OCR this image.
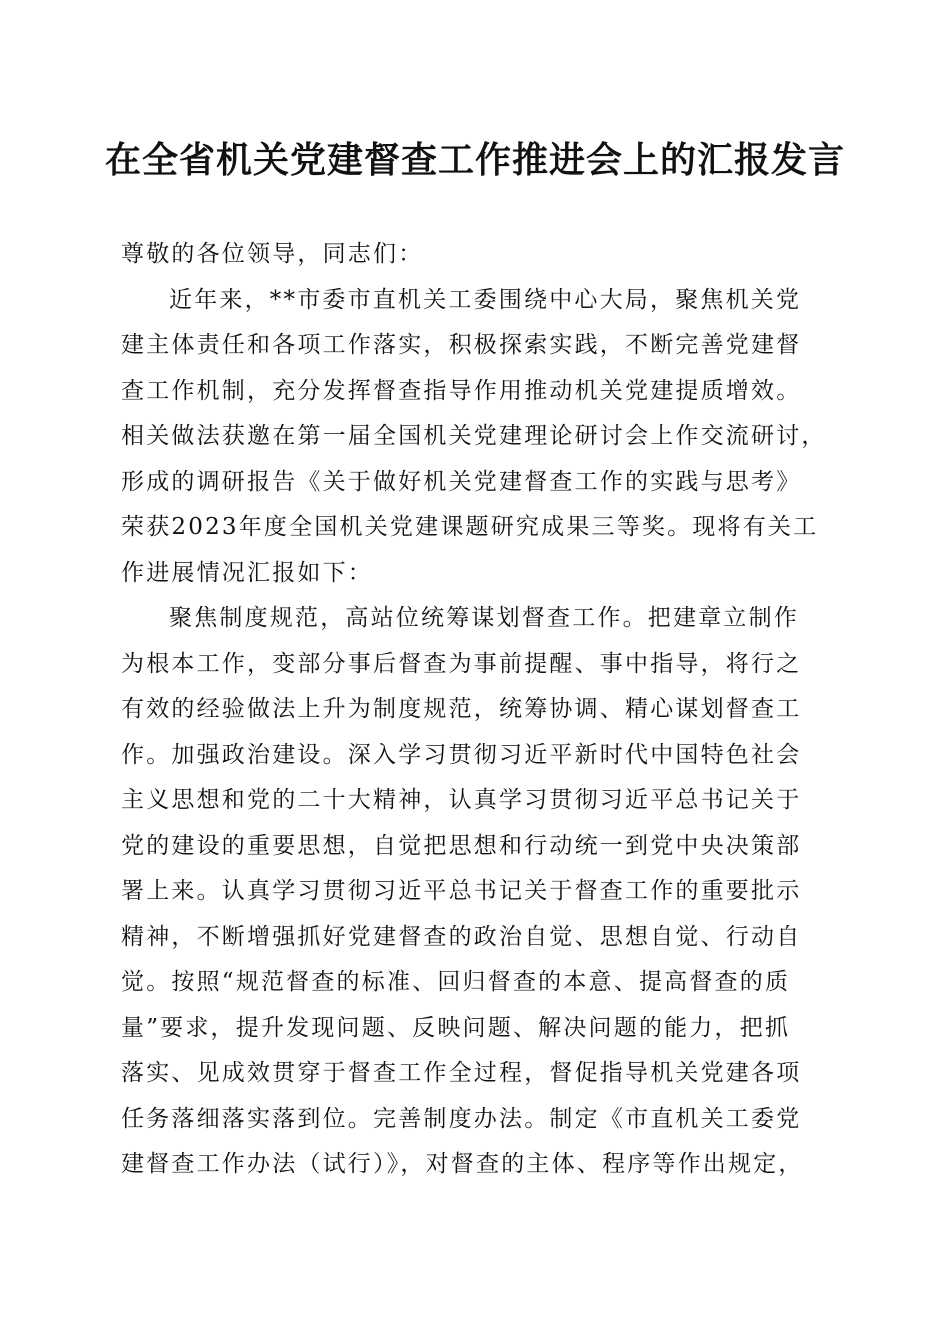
在全省机关党建督查工作推进会上的汇报发言
尊敬的各位领导，同志们：
近年来，**市委市直机关工委围绕中心大局，聚焦机关党
建主体责任和各项工作落实，积极探索实践，不断完善党建督
查工作机制，充分发挥督查指导作用推动机关党建提质增效。
相关做法获邀在第一届全国机关党建理论研讨会上作交流研讨，
形成的调研报告《关于做好机关党建督查工作的实践与思考》
荣获2023年度全国机关党建课题研究成果三等奖。现将有关工
作进展情况汇报如下：
聚焦制度规范，高站位统筹谋划督查工作。把建章立制作
为根本工作，变部分事后督查为事前提醒、事中指导，将行之
有效的经验做法上升为制度规范，统筹协调、精心谋划督查工
作。加强政治建设。深入学习贯彻习近平新时代中国特色社会
主义思想和党的二十大精神，认真学习贯彻习近平总书记关于
党的建设的重要思想，自觉把思想和行动统一到党中央决策部
署上来。认真学习贯彻习近平总书记关于督查工作的重要批示
精神，不断增强抓好党建督查的政治自觉、思想自觉、行动自
觉。按照“规范督查的标准、回归督查的本意、提高督查的质
量”要求，提升发现问题、反映问题、解决问题的能力，把抓
落实、见成效贯穿于督查工作全过程，督促指导机关党建各项
任务落细落实落到位。完善制度办法。制定《市直机关工委党
建督查工作办法（试行）》，对督查的主体、程序等作出规定，
